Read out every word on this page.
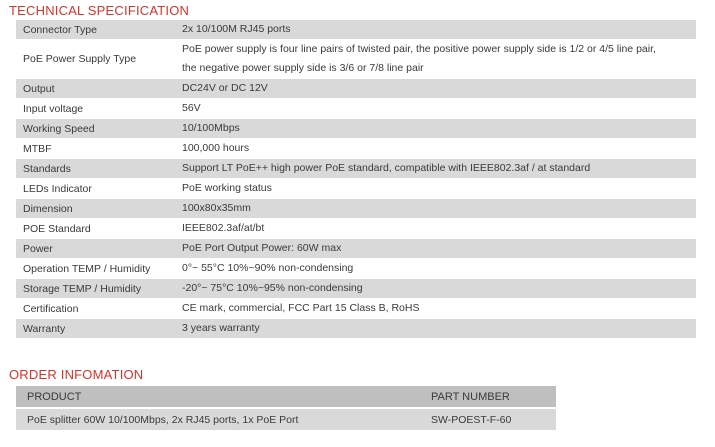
TECHNICAL SPECIFICATION
Connector Type	2x 10/100M RJ45 ports

PoE Power Supply Type	PoE power supply is four line pairs of twisted pair, the positive power supply side is 1/2 or 4/5 line pair,
the negative power supply side is 3/6 or 7/8 line pair

Output	DC24V or DC 12V

Input voltage	56V

Working Speed	10/100Mbps

MTBF	100,000 hours

Standards	Support LT PoE++ high power PoE standard, compatible with IEEE802.3af / at standard

LEDs Indicator	PoE working status

Dimension	100x80x35mm

POE Standard	IEEE802.3af/at/bt

Power	PoE Port Output Power: 60W max

Operation TEMP / Humidity	0°~ 55°C 10%~90% non-condensing

Storage TEMP / Humidity	-20°~ 75°C 10%~95% non-condensing

Certification	CE mark, commercial, FCC Part 15 Class B, RoHS

Warranty	3 years warranty
ORDER INFOMATION
PRODUCT	PART NUMBER
PoE splitter 60W 10/100Mbps, 2x RJ45 ports, 1x PoE Port	SW-POEST-F-60
